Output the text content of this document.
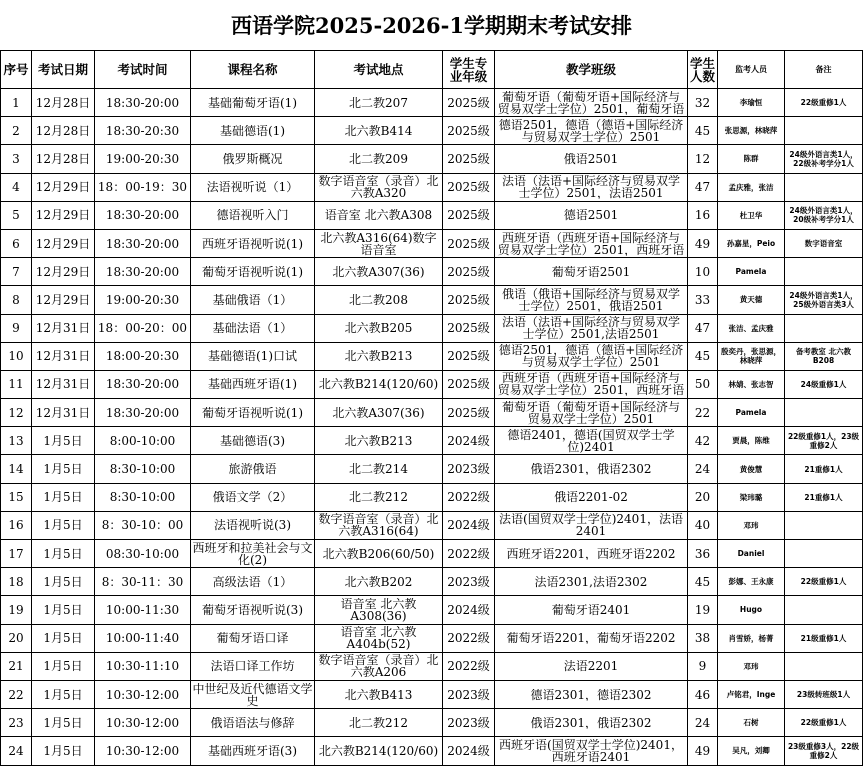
西语学院2025-2026-1学期期末考试安排
序号	考试日期	考试时间	课程名称	考试地点	学生专业年级	教学班级	学生人数	监考人员	备注

1	12月28日	18:30-20:00	基础葡萄牙语(1)	北二教207	2025级	葡萄牙语（葡萄牙语+国际经济与贸易双学士学位）2501，葡萄牙语	32	李瑜恒	22级重修1人

2	12月28日	18:30-20:30	基础德语(1)	北六教B414	2025级	德语2501，德语（德语+国际经济与贸易双学士学位）2501	45	张思源，林晓萍	

3	12月28日	19:00-20:30	俄罗斯概况	北二教209	2025级	俄语2501	12	陈群	24级外语言类1人，22级补考学分1人

4	12月29日	18：00-19：30	法语视听说（1）	数字语音室（录音）北六教A320	2025级	法语（法语+国际经济与贸易双学士学位）2501，法语2501	47	孟庆雅，张洁	

5	12月29日	18:30-20:00	德语视听入门	语音室 北六教A308	2025级	德语2501	16	杜卫华	24级外语言类1人，20级补考学分1人

6	12月29日	18:30-20:00	西班牙语视听说(1)	北六教A316(64)数字语音室	2025级	西班牙语（西班牙语+国际经济与贸易双学士学位）2501，西班牙语	49	孙嘉星，Peio	数字语音室

7	12月29日	18:30-20:00	葡萄牙语视听说(1)	北六教A307(36)	2025级	葡萄牙语2501	10	Pamela	

8	12月29日	19:00-20:30	基础俄语（1）	北二教208	2025级	俄语（俄语+国际经济与贸易双学士学位）2501，俄语2501	33	黄天德	24级外语言类1人，25级外语言类3人

9	12月31日	18：00-20：00	基础法语（1）	北六教B205	2025级	法语（法语+国际经济与贸易双学士学位）2501,法语2501	47	张洁、孟庆雅	

10	12月31日	18:00-20:30	基础德语(1)口试	北六教B213	2025级	德语2501，德语（德语+国际经济与贸易双学士学位）2501	45	殷奕丹，张思源，林晓萍	备考教室 北六教B208

11	12月31日	18:30-20:00	基础西班牙语(1)	北六教B214(120/60)	2025级	西班牙语（西班牙语+国际经济与贸易双学士学位）2501，西班牙语	50	林婧、张志智	24级重修1人

12	12月31日	18:30-20:00	葡萄牙语视听说(1)	北六教A307(36)	2025级	葡萄牙语（葡萄牙语+国际经济与贸易双学士学位）2501	22	Pamela	

13	1月5日	8:00-10:00	基础德语(3)	北六教B213	2024级	德语2401，德语(国贸双学士学位)2401	42	贾晨，陈维	22级重修1人，23级重修2人

14	1月5日	8:30-10:00	旅游俄语	北二教214	2023级	俄语2301，俄语2302	24	黄俊慧	21重修1人

15	1月5日	8:30-10:00	俄语文学（2）	北二教212	2022级	俄语2201-02	20	梁玮璐	21重修1人

16	1月5日	8：30-10：00	法语视听说(3)	数字语音室（录音）北六教A316(64)	2024级	法语(国贸双学士学位)2401，法语2401	40	邓玮	

17	1月5日	08:30-10:00	西班牙和拉美社会与文化(2)	北六教B206(60/50)	2022级	西班牙语2201，西班牙语2202	36	Daniel	

18	1月5日	8：30-11：30	高级法语（1）	北六教B202	2023级	法语2301,法语2302	45	彭娜、王永康	22级重修1人

19	1月5日	10:00-11:30	葡萄牙语视听说(3)	语音室 北六教A308(36)	2024级	葡萄牙语2401	19	Hugo	

20	1月5日	10:00-11:40	葡萄牙语口译	语音室 北六教A404b(52)	2022级	葡萄牙语2201，葡萄牙语2202	38	肖雪娇，杨菁	21级重修1人

21	1月5日	10:30-11:10	法语口译工作坊	数字语音室（录音）北六教A206	2022级	法语2201	9	邓玮	

22	1月5日	10:30-12:00	中世纪及近代德语文学史	北六教B413	2023级	德语2301，德语2302	46	卢铭君，Inge	23级转班级1人

23	1月5日	10:30-12:00	俄语语法与修辞	北二教212	2023级	俄语2301，俄语2302	24	石树	22级重修1人

24	1月5日	10:30-12:00	基础西班牙语(3)	北六教B214(120/60)	2024级	西班牙语(国贸双学士学位)2401，西班牙语2401	49	吴凡，刘卿	23级重修3人，22级重修2人
